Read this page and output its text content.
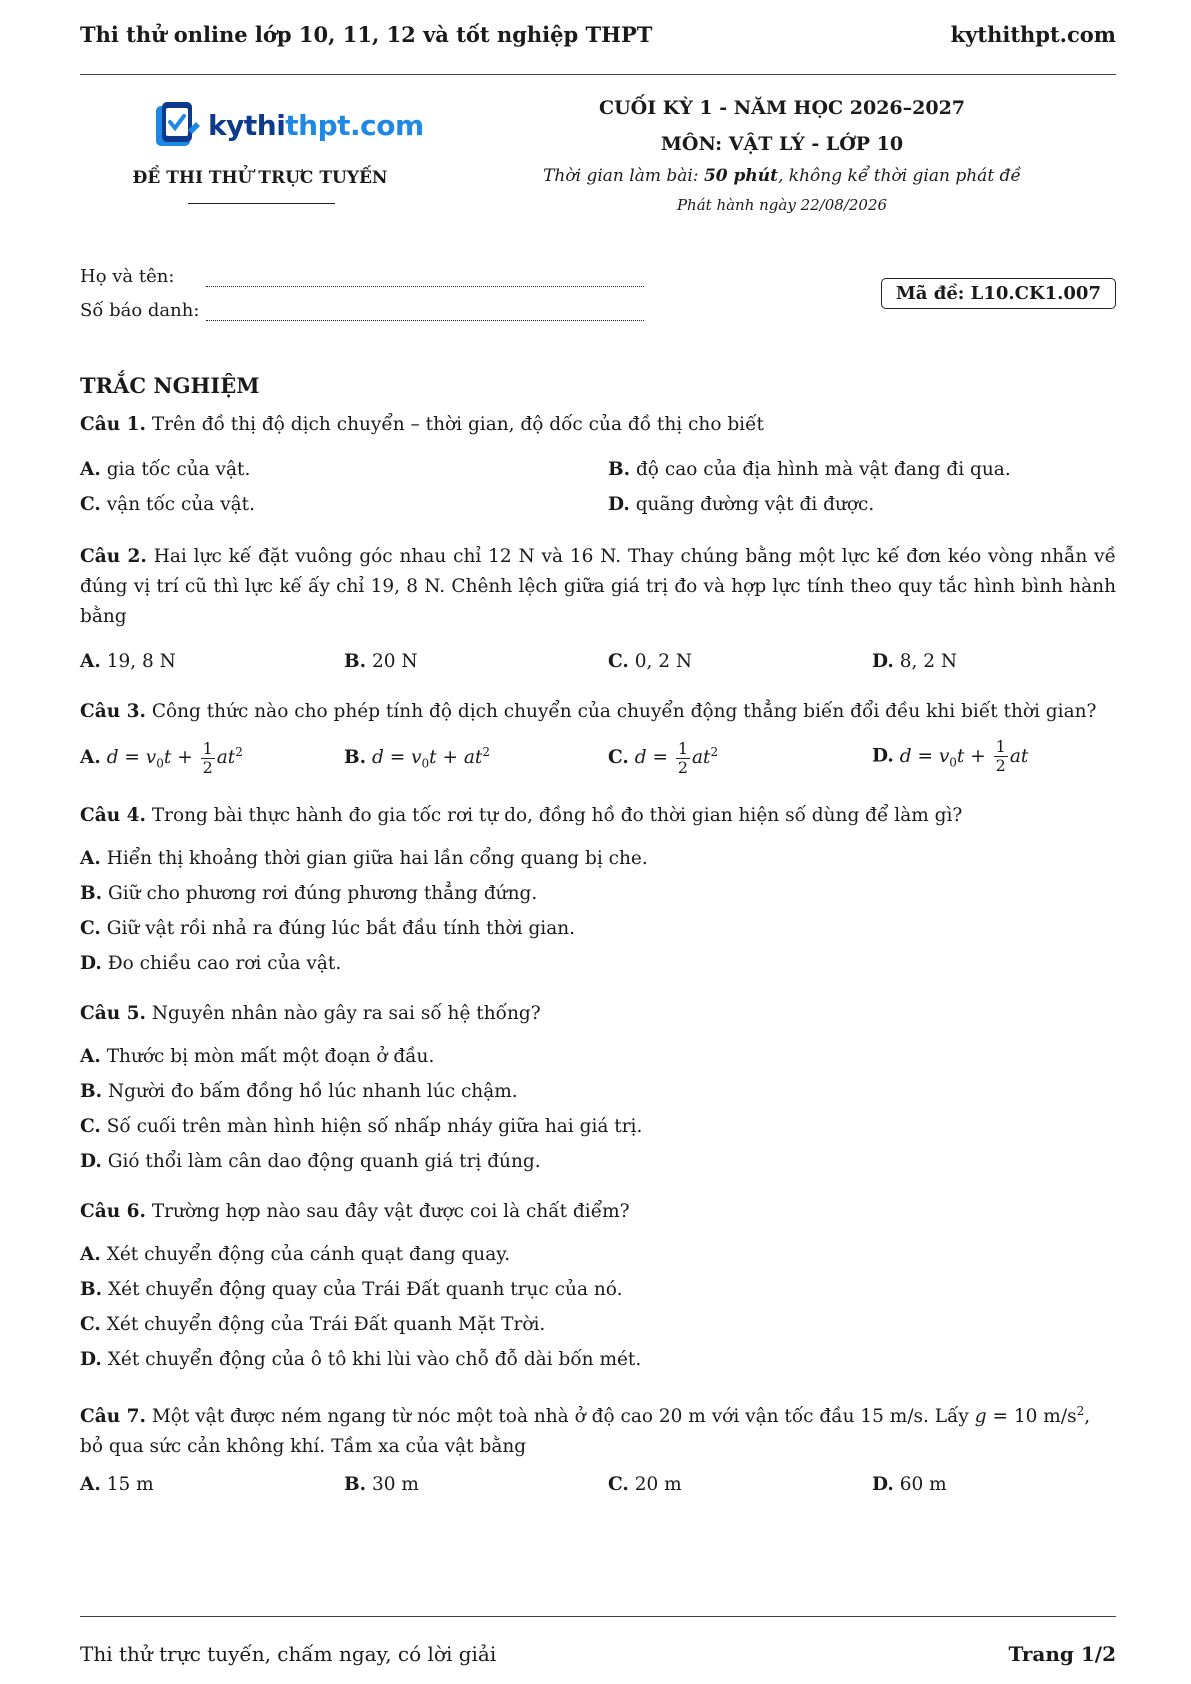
Thi thử online lớp 10, 11, 12 và tốt nghiệp THPT	kythithpt.com
kythithpt.com
ĐỀ THI THỬ TRỰC TUYẾN
CUỐI KỲ 1 - NĂM HỌC 2026–2027
MÔN: VẬT LÝ - LỚP 10
Thời gian làm bài: 50 phút, không kể thời gian phát đề
Phát hành ngày 22/08/2026
Họ và tên:
Số báo danh:
Mã đề: L10.CK1.007
TRẮC NGHIỆM
Câu 1. Trên đồ thị độ dịch chuyển – thời gian, độ dốc của đồ thị cho biết
A. gia tốc của vật.	B. độ cao của địa hình mà vật đang đi qua.
C. vận tốc của vật.	D. quãng đường vật đi được.
Câu 2. Hai lực kế đặt vuông góc nhau chỉ 12 N và 16 N. Thay chúng bằng một lực kế đơn kéo vòng nhẫn về đúng vị trí cũ thì lực kế ấy chỉ 19, 8 N. Chênh lệch giữa giá trị đo và hợp lực tính theo quy tắc hình bình hành bằng
A. 19, 8 N	B. 20 N	C. 0, 2 N	D. 8, 2 N
Câu 3. Công thức nào cho phép tính độ dịch chuyển của chuyển động thẳng biến đổi đều khi biết thời gian?
A. $d = v_0t + \frac{1}{2} at^2$	B. $d = v_0t + at^2$	C. $d = \frac{1}{2} at^2$	D. $d = v_0t + \frac{1}{2}$ at
Câu 4. Trong bài thực hành đo gia tốc rơi tự do, đồng hồ đo thời gian hiện số dùng để làm gì?
A. Hiển thị khoảng thời gian giữa hai lần cổng quang bị che.
B. Giữ cho phương rơi đúng phương thẳng đứng.
C. Giữ vật rồi nhả ra đúng lúc bắt đầu tính thời gian.
D. Đo chiều cao rơi của vật.
Câu 5. Nguyên nhân nào gây ra sai số hệ thống?
A. Thước bị mòn mất một đoạn ở đầu.
B. Người đo bấm đồng hồ lúc nhanh lúc chậm.
C. Số cuối trên màn hình hiện số nhấp nháy giữa hai giá trị.
D. Gió thổi làm cân dao động quanh giá trị đúng.
Câu 6. Trường hợp nào sau đây vật được coi là chất điểm?
A. Xét chuyển động của cánh quạt đang quay.
B. Xét chuyển động quay của Trái Đất quanh trục của nó.
C. Xét chuyển động của Trái Đất quanh Mặt Trời.
D. Xét chuyển động của ô tô khi lùi vào chỗ đỗ dài bốn mét.
Câu 7. Một vật được ném ngang từ nóc một toà nhà ở độ cao 20 m với vận tốc đầu 15 m/s. Lấy g = 10 $m/s^2$,
bỏ qua sức cản không khí. Tầm xa của vật bằng
A. 15 m	B. 30 m	C. 20 m	D. 60 m
Thi thử trực tuyến, chấm ngay, có lời giải	Trang 1/2
